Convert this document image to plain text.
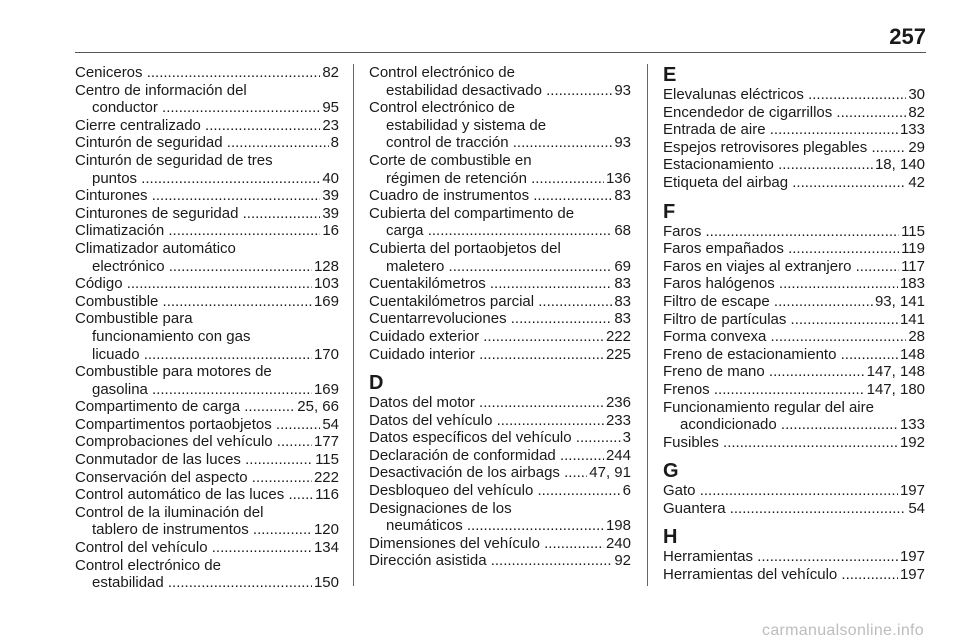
257
Ceniceros .....	82
Centro de información del
conductor .....	95
Cierre centralizado .....	23
Cinturón de seguridad .....	8
Cinturón de seguridad de tres
puntos .....	40
Cinturones .....	39
Cinturones de seguridad .....	39
Climatización .....	16
Climatizador automático
electrónico .....	128
Código .....	103
Combustible .....	169
Combustible para
funcionamiento con gas
licuado .....	170
Combustible para motores de
gasolina .....	169
Compartimento de carga .....	25, 66
Compartimentos portaobjetos .....	54
Comprobaciones del vehículo .....	177
Conmutador de las luces .....	115
Conservación del aspecto .....	222
Control automático de las luces .....	116
Control de la iluminación del
tablero de instrumentos .....	120
Control del vehículo .....	134
Control electrónico de
estabilidad .....	150
Control electrónico de
estabilidad desactivado .....	93
Control electrónico de
estabilidad y sistema de
control de tracción .....	93
Corte de combustible en
régimen de retención .....	136
Cuadro de instrumentos .....	83
Cubierta del compartimento de
carga .....	68
Cubierta del portaobjetos del
maletero .....	69
Cuentakilómetros .....	83
Cuentakilómetros parcial .....	83
Cuentarrevoluciones .....	83
Cuidado exterior .....	222
Cuidado interior .....	225
D
Datos del motor .....	236
Datos del vehículo .....	233
Datos específicos del vehículo .....	3
Declaración de conformidad .....	244
Desactivación de los airbags .....	47, 91
Desbloqueo del vehículo .....	6
Designaciones de los
neumáticos .....	198
Dimensiones del vehículo .....	240
Dirección asistida .....	92
E
Elevalunas eléctricos .....	30
Encendedor de cigarrillos .....	82
Entrada de aire .....	133
Espejos retrovisores plegables .....	29
Estacionamiento .....	18, 140
Etiqueta del airbag .....	42
F
Faros .....	115
Faros empañados .....	119
Faros en viajes al extranjero .....	117
Faros halógenos .....	183
Filtro de escape .....	93, 141
Filtro de partículas .....	141
Forma convexa .....	28
Freno de estacionamiento .....	148
Freno de mano .....	147, 148
Frenos .....	147, 180
Funcionamiento regular del aire
acondicionado .....	133
Fusibles .....	192
G
Gato .....	197
Guantera .....	54
H
Herramientas .....	197
Herramientas del vehículo .....	197
carmanualsonline.info
